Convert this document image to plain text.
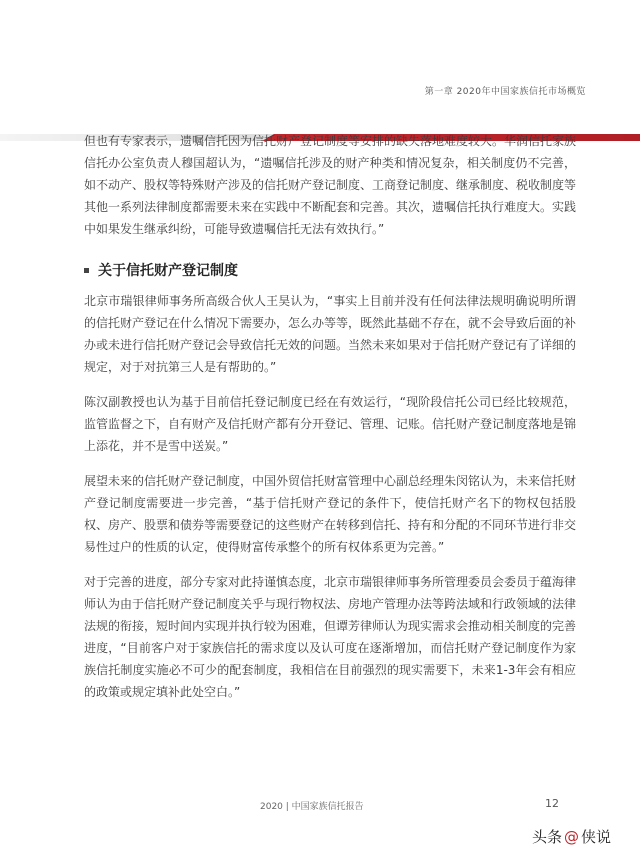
第一章 2020年中国家族信托市场概览

但也有专家表示，遗嘱信托因为信托财产登记制度等安排的缺失落地难度较大。华润信托家族信托办公室负责人穆国超认为，“遗嘱信托涉及的财产种类和情况复杂，相关制度仍不完善，如不动产、股权等特殊财产涉及的信托财产登记制度、工商登记制度、继承制度、税收制度等其他一系列法律制度都需要未来在实践中不断配套和完善。其次，遗嘱信托执行难度大。实践中如果发生继承纠纷，可能导致遗嘱信托无法有效执行。”

关于信托财产登记制度

北京市瑞银律师事务所高级合伙人王昊认为，“事实上目前并没有任何法律法规明确说明所谓的信托财产登记在什么情况下需要办，怎么办等等，既然此基础不存在，就不会导致后面的补办或未进行信托财产登记会导致信托无效的问题。当然未来如果对于信托财产登记有了详细的规定，对于对抗第三人是有帮助的。”

陈汉副教授也认为基于目前信托登记制度已经在有效运行，“现阶段信托公司已经比较规范，监管监督之下，自有财产及信托财产都有分开登记、管理、记账。信托财产登记制度落地是锦上添花，并不是雪中送炭。”

展望未来的信托财产登记制度，中国外贸信托财富管理中心副总经理朱闵铭认为，未来信托财产登记制度需要进一步完善，“基于信托财产登记的条件下，使信托财产名下的物权包括股权、房产、股票和债券等需要登记的这些财产在转移到信托、持有和分配的不同环节进行非交易性过户的性质的认定，使得财富传承整个的所有权体系更为完善。”

对于完善的进度，部分专家对此持谨慎态度，北京市瑞银律师事务所管理委员会委员于蕴海律师认为由于信托财产登记制度关乎与现行物权法、房地产管理办法等跨法域和行政领域的法律法规的衔接，短时间内实现并执行较为困难，但谭芳律师认为现实需求会推动相关制度的完善进度，“目前客户对于家族信托的需求度以及认可度在逐渐增加，而信托财产登记制度作为家族信托制度实施必不可少的配套制度，我相信在目前强烈的现实需要下，未来1-3年会有相应的政策或规定填补此处空白。”

2020 | 中国家族信托报告	12
头条 @ 侠说
